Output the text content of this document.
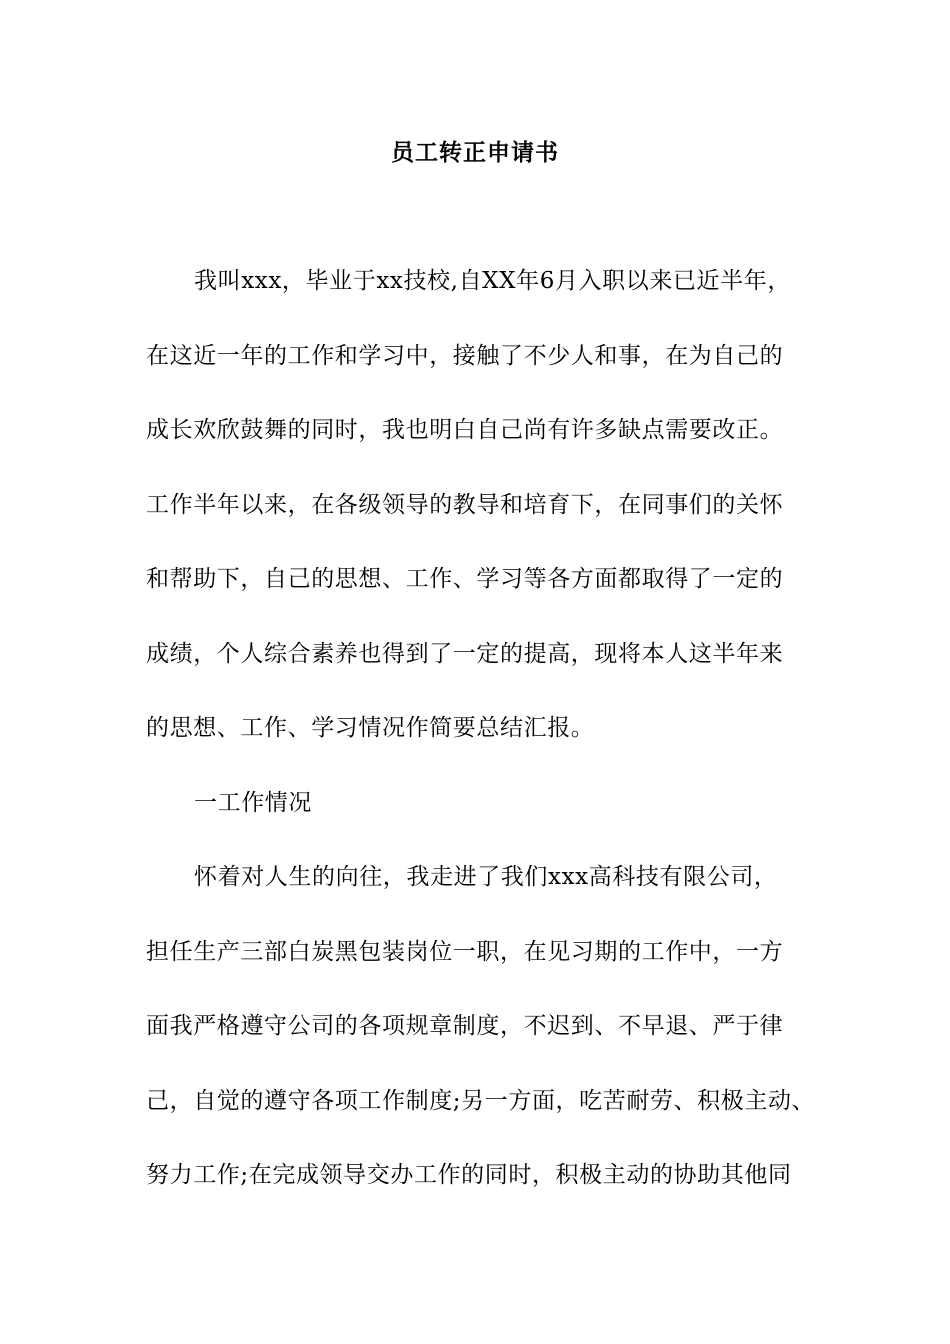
员工转正申请书
我叫xxx，毕业于xx技校,自XX年6月入职以来已近半年，
在这近一年的工作和学习中，接触了不少人和事，在为自己的
成长欢欣鼓舞的同时，我也明白自己尚有许多缺点需要改正。
工作半年以来，在各级领导的教导和培育下，在同事们的关怀
和帮助下，自己的思想、工作、学习等各方面都取得了一定的
成绩，个人综合素养也得到了一定的提高，现将本人这半年来
的思想、工作、学习情况作简要总结汇报。
一工作情况
怀着对人生的向往，我走进了我们xxx高科技有限公司，
担任生产三部白炭黑包装岗位一职，在见习期的工作中，一方
面我严格遵守公司的各项规章制度，不迟到、不早退、严于律
己，自觉的遵守各项工作制度;另一方面，吃苦耐劳、积极主动、
努力工作;在完成领导交办工作的同时，积极主动的协助其他同
